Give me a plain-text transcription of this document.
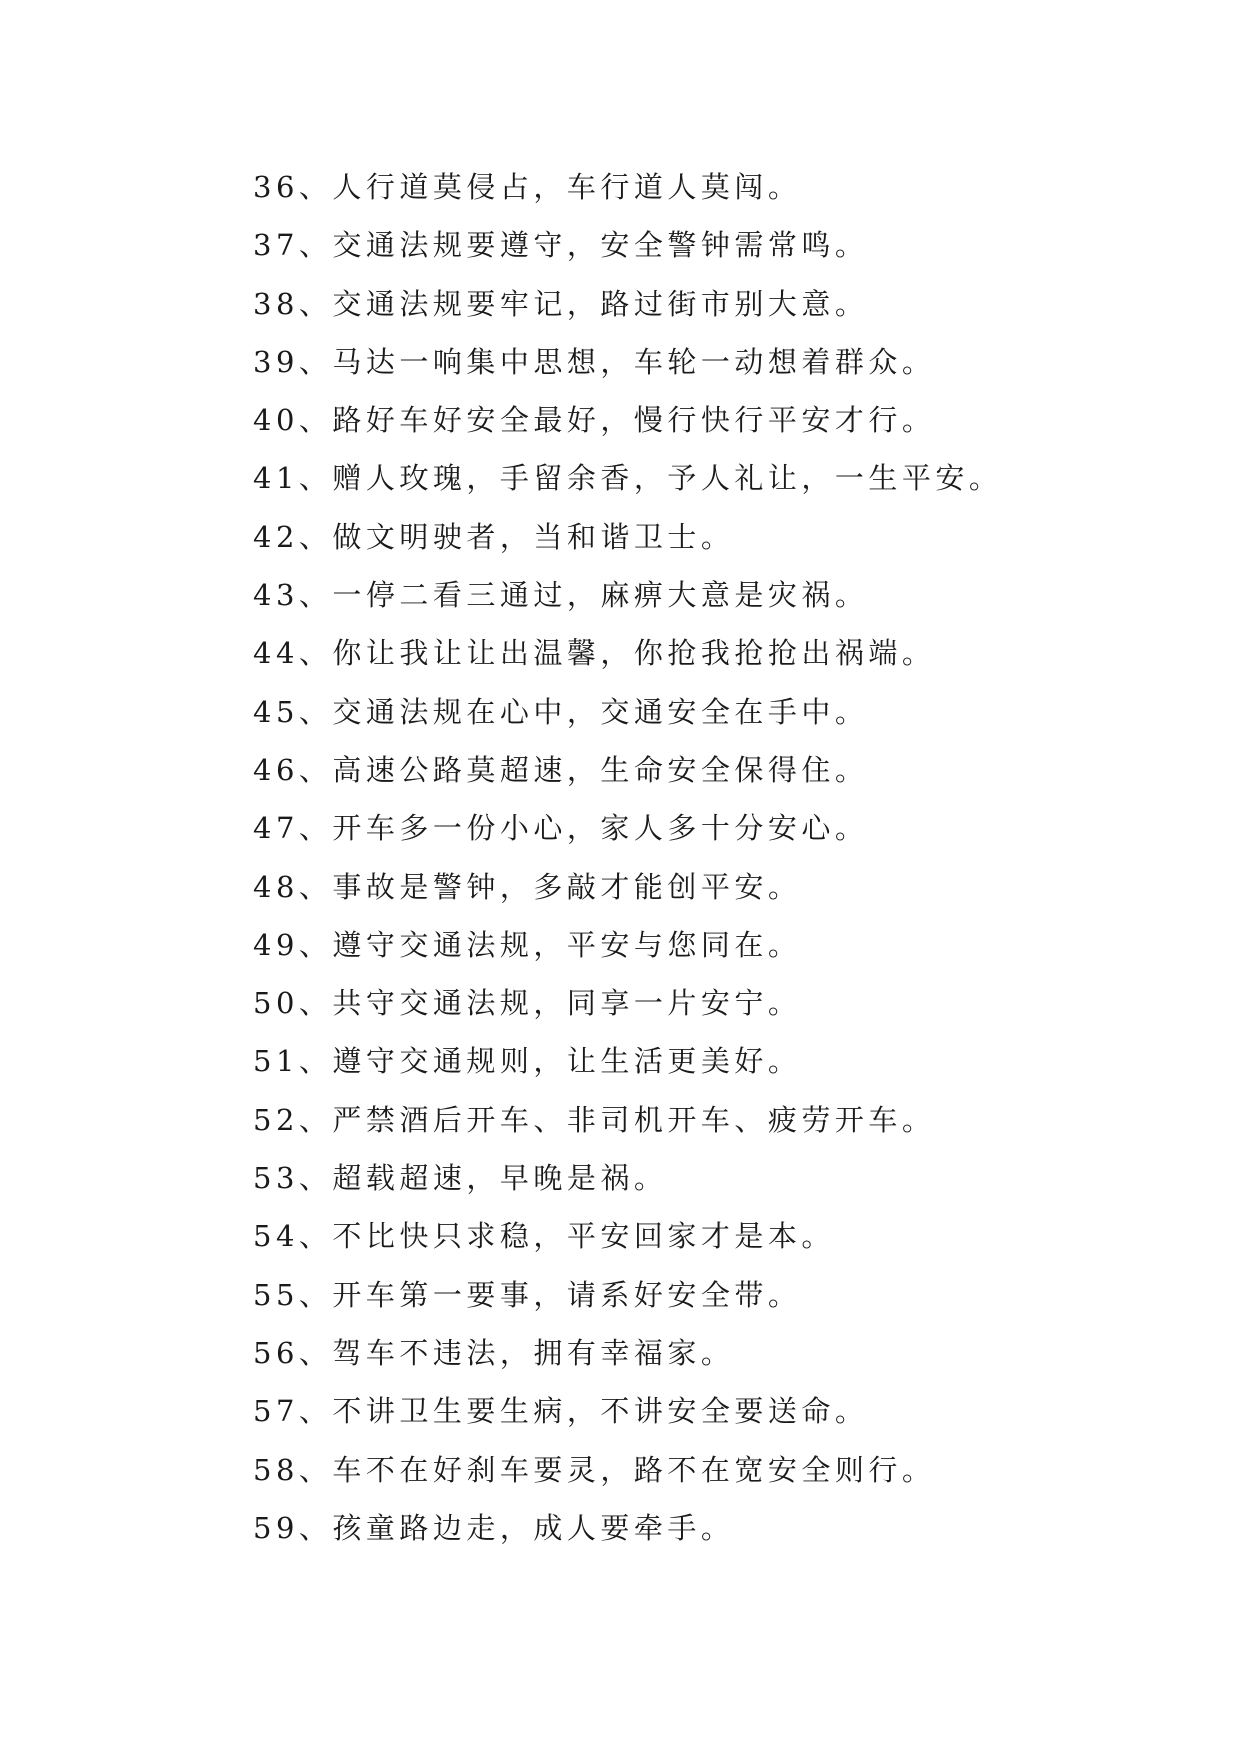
36、人行道莫侵占，车行道人莫闯。
37、交通法规要遵守，安全警钟需常鸣。
38、交通法规要牢记，路过街市别大意。
39、马达一响集中思想，车轮一动想着群众。
40、路好车好安全最好，慢行快行平安才行。
41、赠人玫瑰，手留余香，予人礼让，一生平安。
42、做文明驶者，当和谐卫士。
43、一停二看三通过，麻痹大意是灾祸。
44、你让我让让出温馨，你抢我抢抢出祸端。
45、交通法规在心中，交通安全在手中。
46、高速公路莫超速，生命安全保得住。
47、开车多一份小心，家人多十分安心。
48、事故是警钟，多敲才能创平安。
49、遵守交通法规，平安与您同在。
50、共守交通法规，同享一片安宁。
51、遵守交通规则，让生活更美好。
52、严禁酒后开车、非司机开车、疲劳开车。
53、超载超速，早晚是祸。
54、不比快只求稳，平安回家才是本。
55、开车第一要事，请系好安全带。
56、驾车不违法，拥有幸福家。
57、不讲卫生要生病，不讲安全要送命。
58、车不在好刹车要灵，路不在宽安全则行。
59、孩童路边走，成人要牵手。
